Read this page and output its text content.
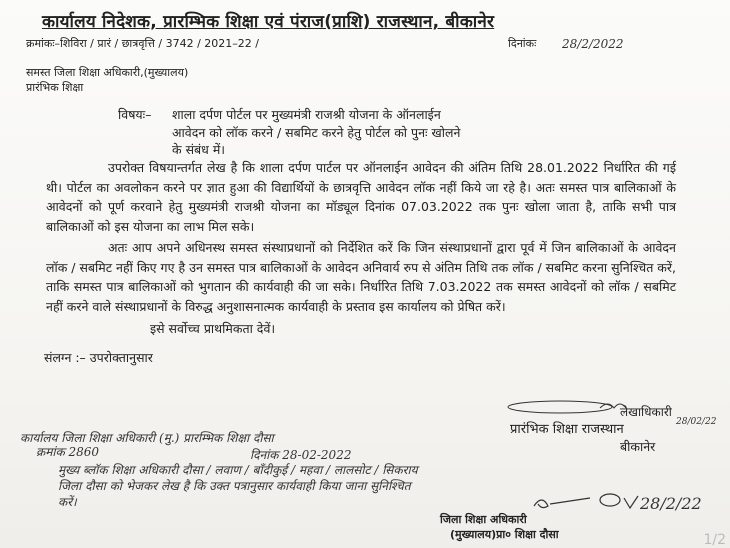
कार्यालय निदेशक, प्रारम्भिक शिक्षा एवं पंराज(प्राशि) राजस्थान, बीकानेर
क्रमांकः–शिविरा / प्रारं / छात्रवृत्ति / 3742 / 2021–22 /	दिनांकः 28/2/2022
समस्त जिला शिक्षा अधिकारी,(मुख्यालय)
प्रारंभिक शिक्षा
विषयः– शाला दर्पण पोर्टल पर मुख्यमंत्री राजश्री योजना के ऑनलाईन
आवेदन को लॉक करने / सबमिट करने हेतु पोर्टल को पुनः खोलने
के संबंध में।
उपरोक्त विषयान्तर्गत लेख है कि शाला दर्पण पार्टल पर ऑनलाईन आवेदन की अंतिम तिथि 28.01.2022 निर्धारित की गई थी। पोर्टल का अवलोकन करने पर ज्ञात हुआ की विद्यार्थियों के छात्रवृत्ति आवेदन लॉक नहीं किये जा रहे है। अतः समस्त पात्र बालिकाओं के आवेदनों को पूर्ण करवाने हेतु मुख्यमंत्री राजश्री योजना का मॉड्यूल दिनांक 07.03.2022 तक पुनः खोला जाता है, ताकि सभी पात्र बालिकाओं को इस योजना का लाभ मिल सके।
अतः आप अपने अधिनस्थ समस्त संस्थाप्रधानों को निर्देशित करें कि जिन संस्थाप्रधानों द्वारा पूर्व में जिन बालिकाओं के आवेदन लॉक / सबमिट नहीं किए गए है उन समस्त पात्र बालिकाओं के आवेदन अनिवार्य रुप से अंतिम तिथि तक लॉक / सबमिट करना सुनिश्चित करें, ताकि समस्त पात्र बालिकाओं को भुगतान की कार्यवाही की जा सके। निर्धारित तिथि 7.03.2022 तक समस्त आवेदनों को लॉक / सबमिट नहीं करने वाले संस्थाप्रधानों के विरुद्ध अनुशासनात्मक कार्यवाही के प्रस्ताव इस कार्यालय को प्रेषित करें।
इसे सर्वोच्च प्राथमिकता देवें।
संलग्न :– उपरोक्तानुसार
लेखाधिकारी
28/02/22
प्रारंभिक शिक्षा राजस्थान
बीकानेर
कार्यालय जिला शिक्षा अधिकारी (मु.) प्रारम्भिक शिक्षा दौसा
क्रमांक 2860	दिनांक 28-02-2022
मुख्य ब्लॉक शिक्षा अधिकारी दौसा / लवाण / बाँदीकुई / महवा / लालसोट / सिकराय
जिला दौसा को भेजकर लेख है कि उक्त पत्रानुसार कार्यवाही किया जाना सुनिश्चित
करें।	28/2/22
जिला शिक्षा अधिकारी
(मुख्यालय)प्रा० शिक्षा दौसा	1/2
